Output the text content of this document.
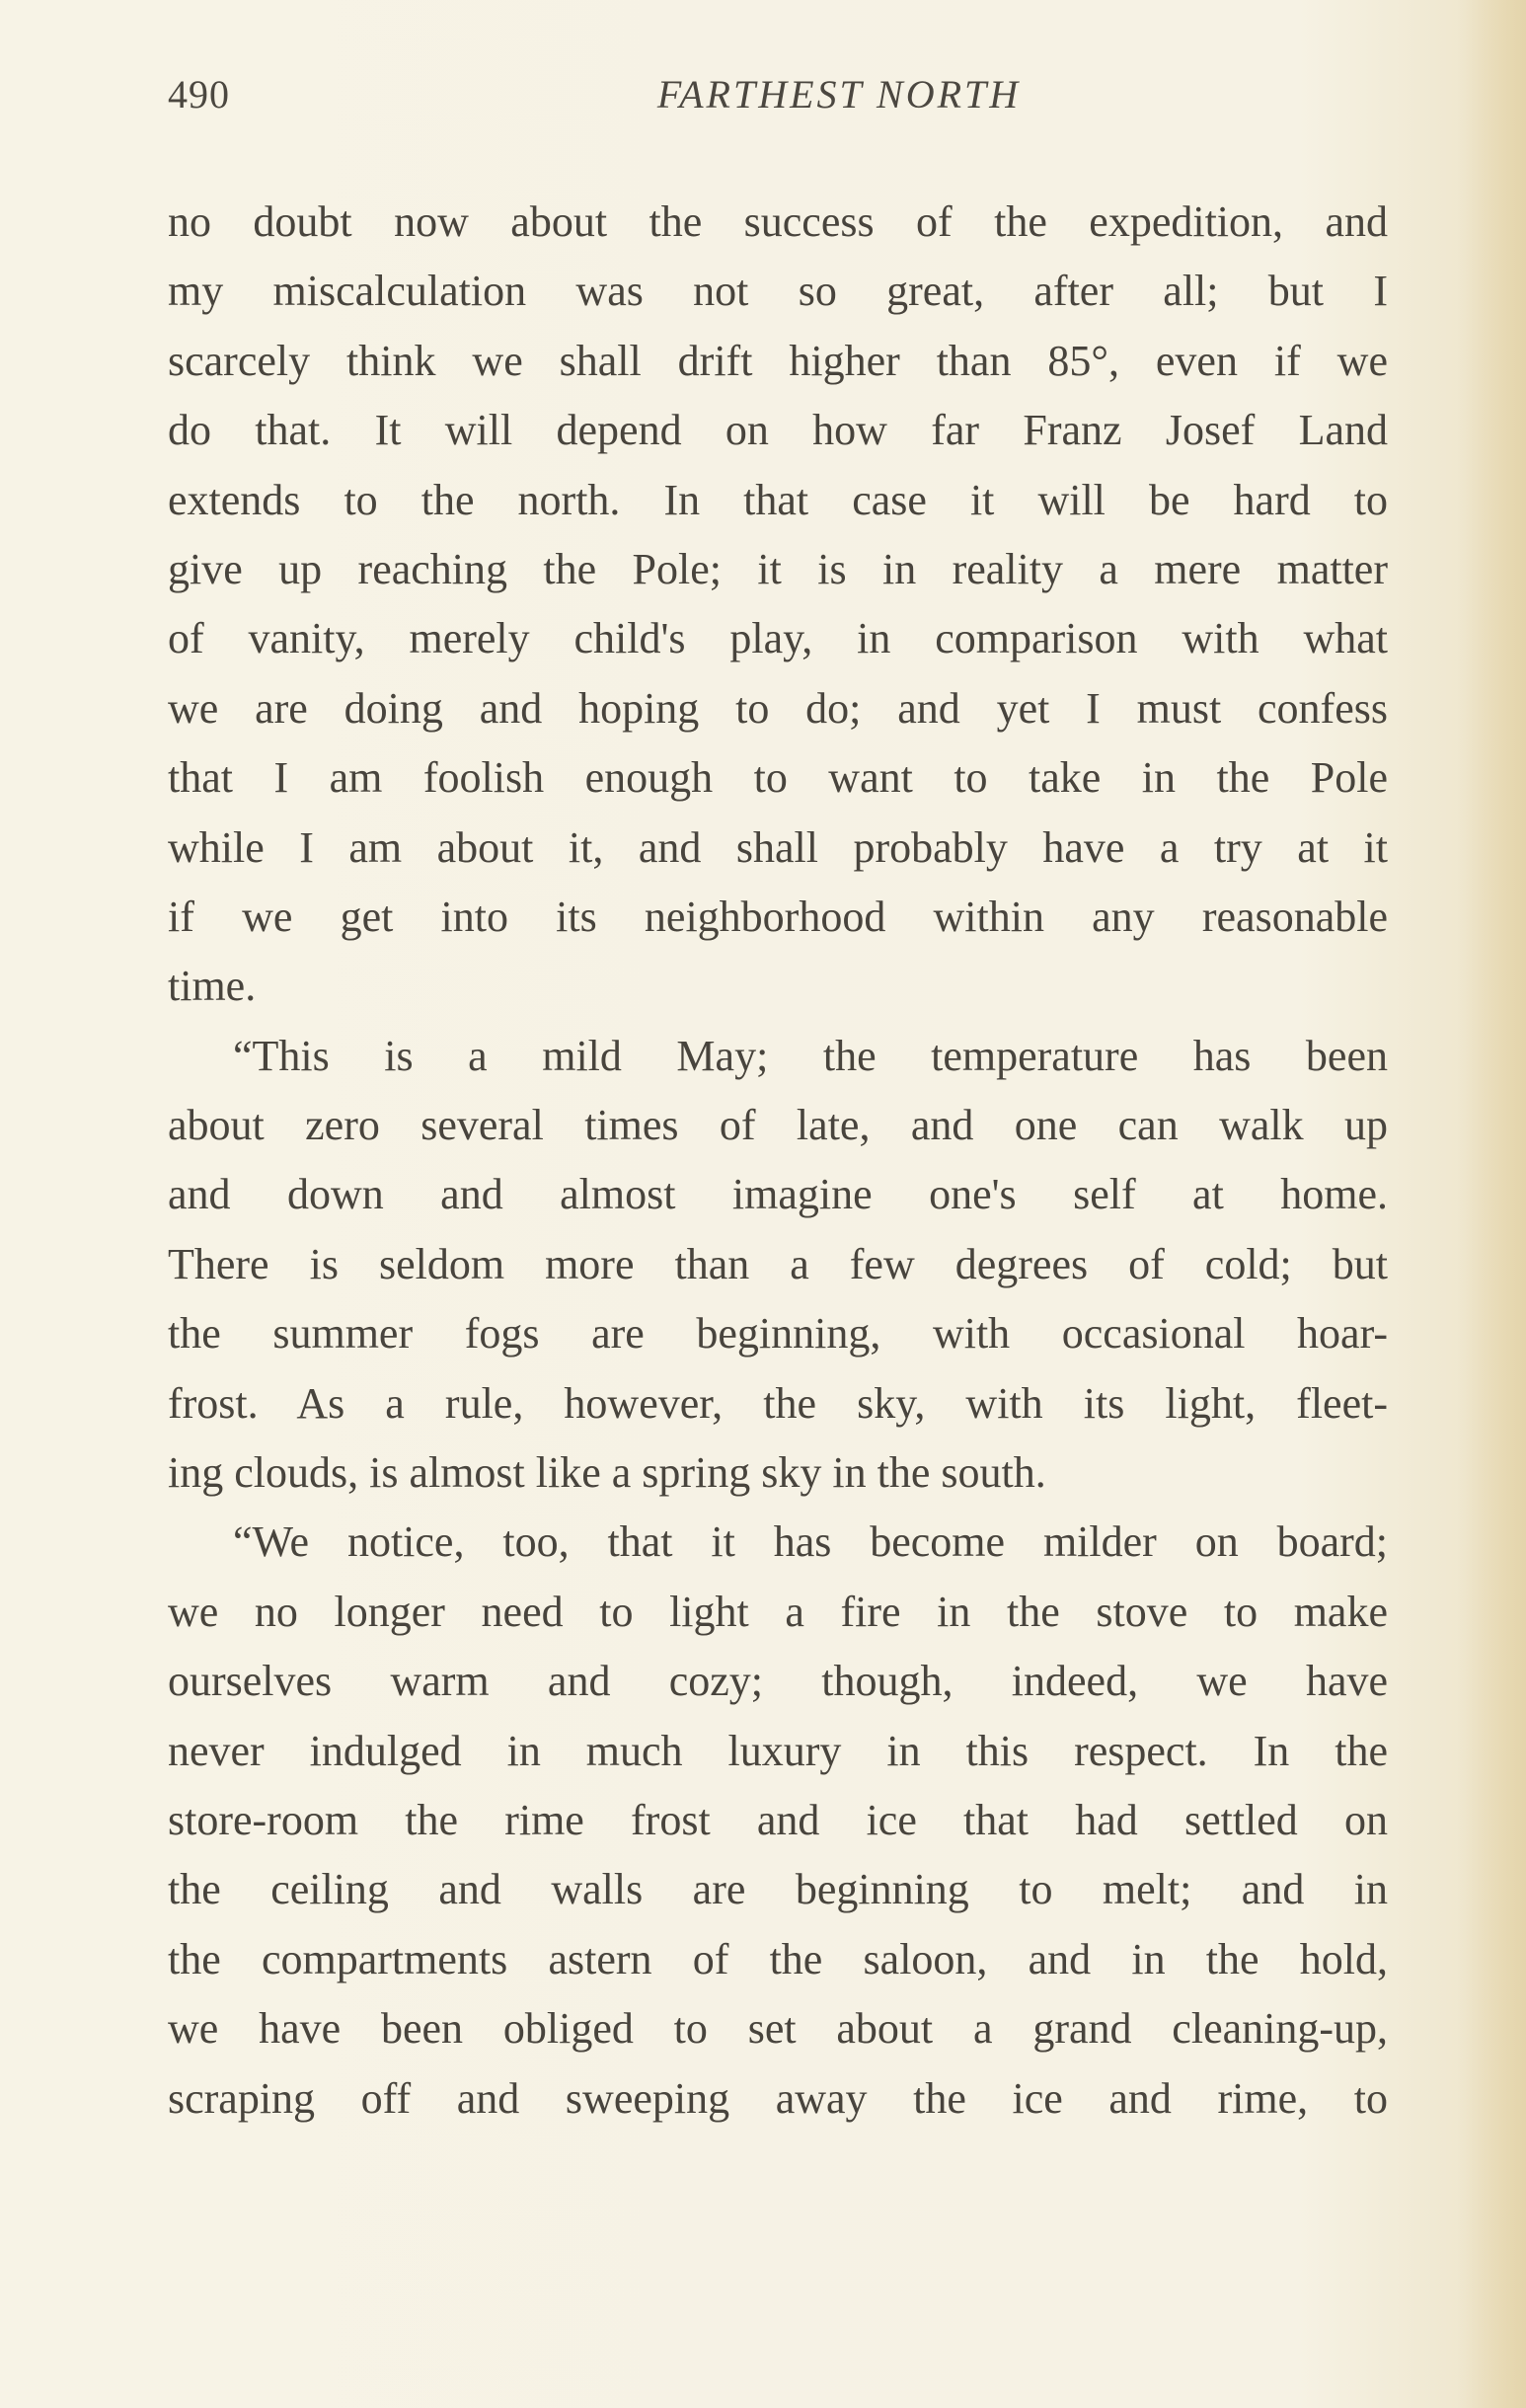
490	FARTHEST NORTH
no doubt now about the success of the expedition, and
my miscalculation was not so great, after all; but I
scarcely think we shall drift higher than 85°, even if we
do that. It will depend on how far Franz Josef Land
extends to the north. In that case it will be hard to
give up reaching the Pole; it is in reality a mere matter
of vanity, merely child's play, in comparison with what
we are doing and hoping to do; and yet I must confess
that I am foolish enough to want to take in the Pole
while I am about it, and shall probably have a try at it
if we get into its neighborhood within any reasonable
time.
“This is a mild May; the temperature has been
about zero several times of late, and one can walk up
and down and almost imagine one's self at home.
There is seldom more than a few degrees of cold; but
the summer fogs are beginning, with occasional hoar-
frost. As a rule, however, the sky, with its light, fleet-
ing clouds, is almost like a spring sky in the south.
“We notice, too, that it has become milder on board;
we no longer need to light a fire in the stove to make
ourselves warm and cozy; though, indeed, we have
never indulged in much luxury in this respect. In the
store-room the rime frost and ice that had settled on
the ceiling and walls are beginning to melt; and in
the compartments astern of the saloon, and in the hold,
we have been obliged to set about a grand cleaning-up,
scraping off and sweeping away the ice and rime, to
